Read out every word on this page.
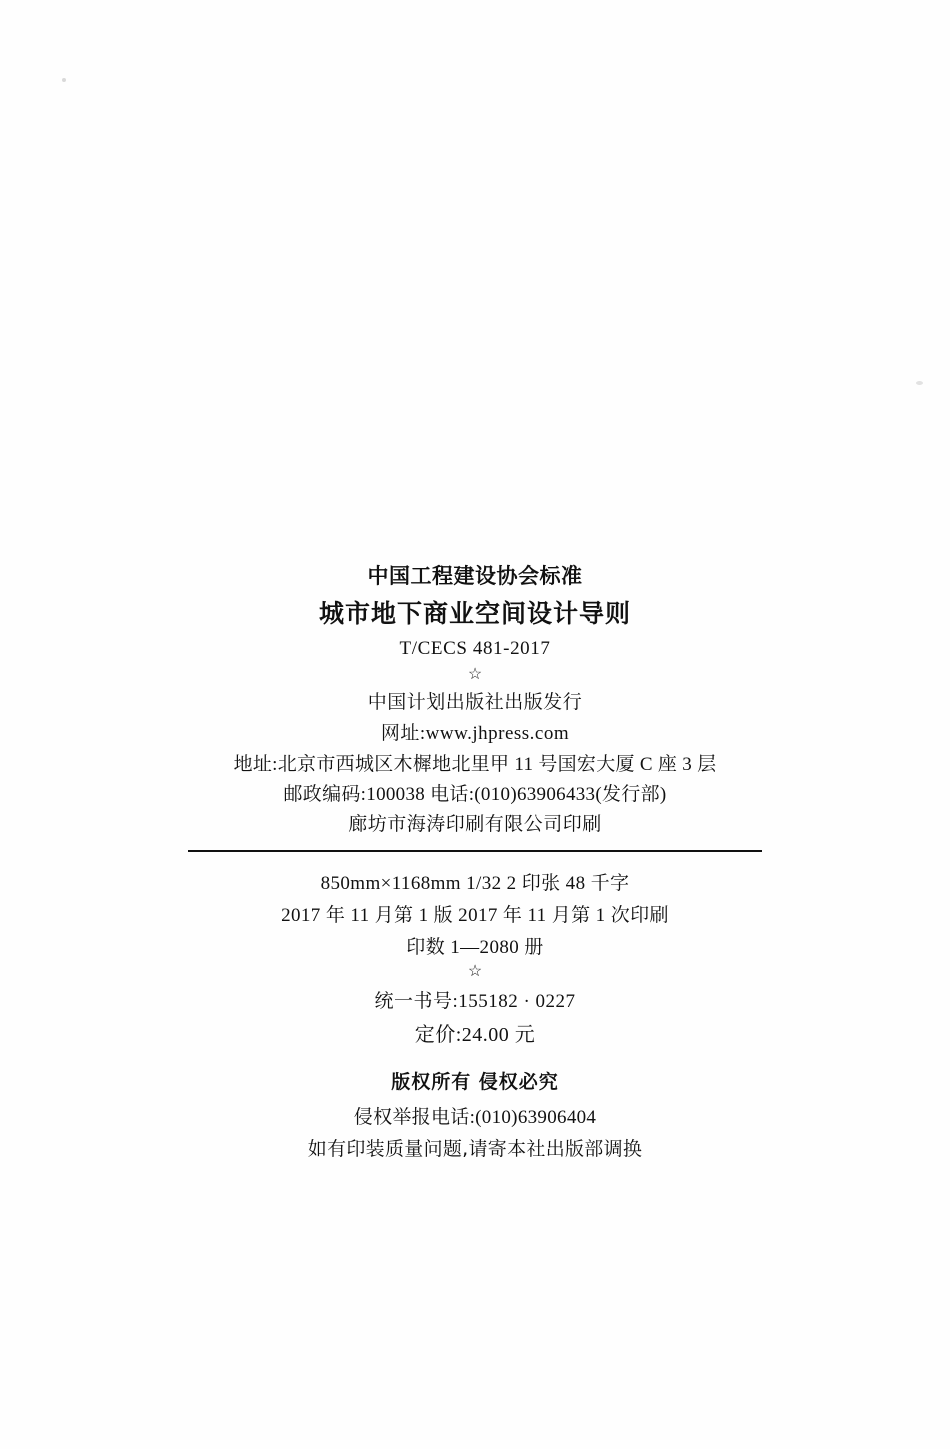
中国工程建设协会标准
城市地下商业空间设计导则
T/CECS 481-2017
☆
中国计划出版社出版发行
网址:www.jhpress.com
地址:北京市西城区木樨地北里甲 11 号国宏大厦 C 座 3 层
邮政编码:100038 电话:(010)63906433(发行部)
廊坊市海涛印刷有限公司印刷
850mm×1168mm 1/32 2 印张 48 千字
2017 年 11 月第 1 版 2017 年 11 月第 1 次印刷
印数 1—2080 册
☆
统一书号:155182 · 0227
定价:24.00 元
版权所有 侵权必究
侵权举报电话:(010)63906404
如有印装质量问题,请寄本社出版部调换
